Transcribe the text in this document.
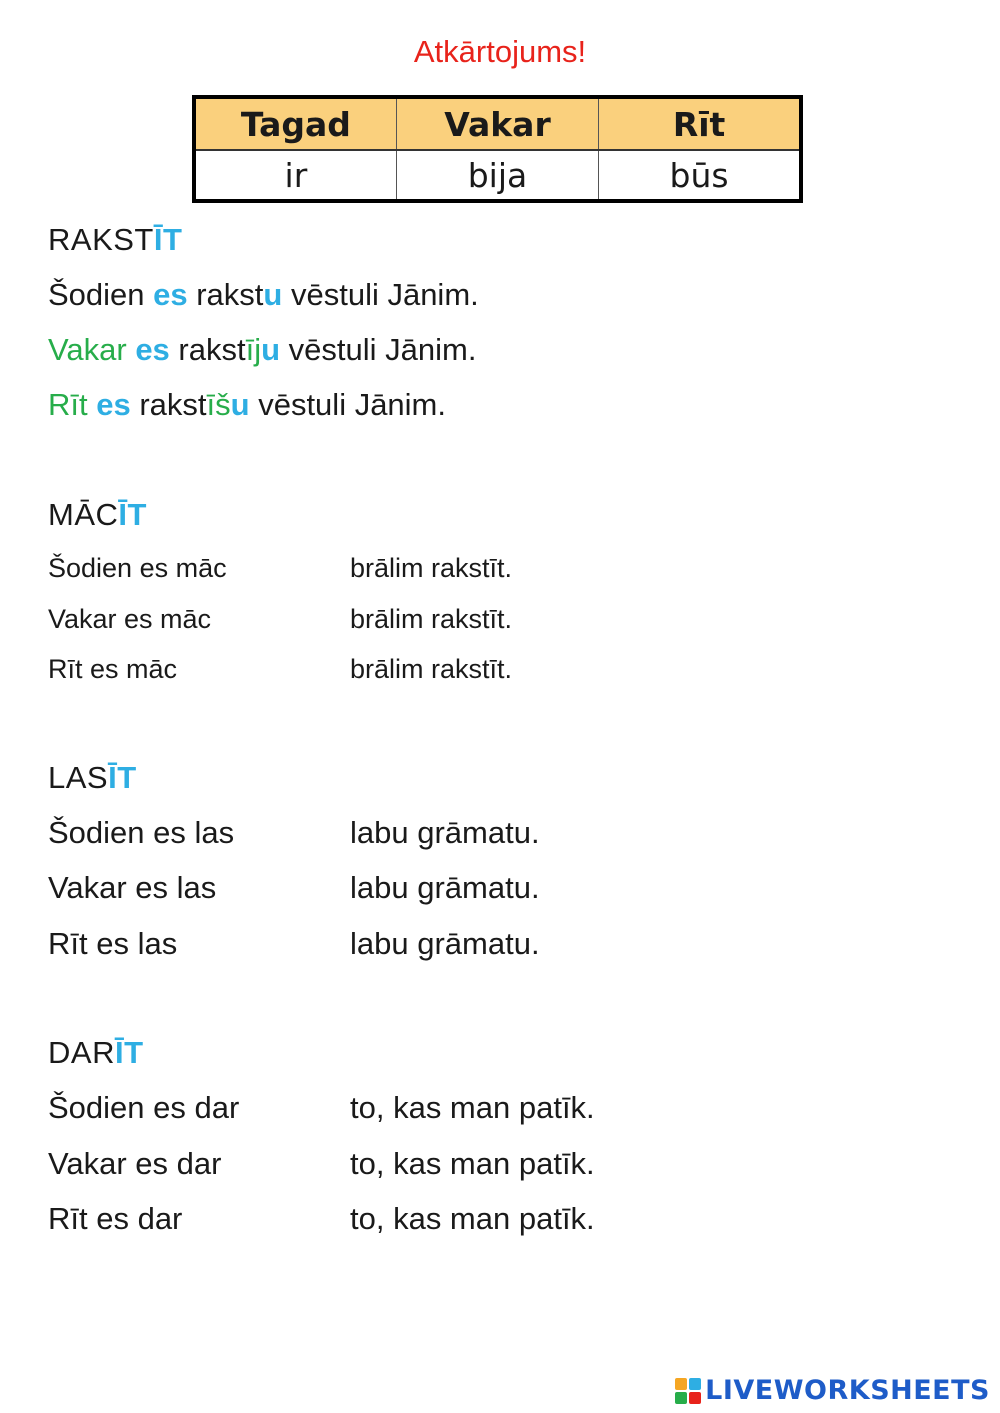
Atkārtojums!
Tagad	Vakar	Rīt
ir	bija	būs
RAKSTĪT
Šodien es rakstu vēstuli Jānim.
Vakar es rakstīju vēstuli Jānim.
Rīt es rakstīšu vēstuli Jānim.
MĀCĪT
Šodien es māc	brālim rakstīt.
Vakar es māc	brālim rakstīt.
Rīt es māc	brālim rakstīt.
LASĪT
Šodien es las	labu grāmatu.
Vakar es las	labu grāmatu.
Rīt es las	labu grāmatu.
DARĪT
Šodien es dar	to, kas man patīk.
Vakar es dar	to, kas man patīk.
Rīt es dar	to, kas man patīk.
LIVEWORKSHEETS
